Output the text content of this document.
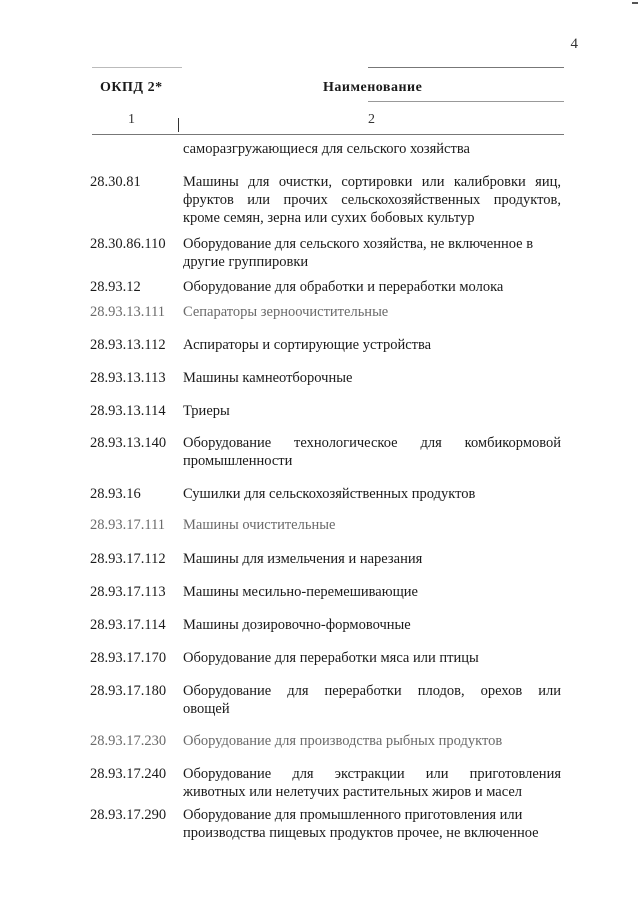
4
ОКПД 2*	Наименование
1	2
саморазгружающиеся для сельского хозяйства
28.30.81	Машины для очистки, сортировки или калибровки яиц,
фруктов или прочих сельскохозяйственных продуктов,
кроме семян, зерна или сухих бобовых культур
28.30.86.110 Оборудование для сельского хозяйства, не включенное в
другие группировки
28.93.12	Оборудование для обработки и переработки молока
28.93.13.111 Сепараторы зерноочистительные
28.93.13.112 Аспираторы и сортирующие устройства
28.93.13.113 Машины камнеотборочные
28.93.13.114 Триеры
28.93.13.140 Оборудование технологическое для комбикормовой
промышленности
28.93.16	Сушилки для сельскохозяйственных продуктов
28.93.17.111 Машины очистительные
28.93.17.112 Машины для измельчения и нарезания
28.93.17.113 Машины месильно-перемешивающие
28.93.17.114 Машины дозировочно-формовочные
28.93.17.170 Оборудование для переработки мяса или птицы
28.93.17.180 Оборудование для переработки плодов, орехов или
овощей
28.93.17.230 Оборудование для производства рыбных продуктов
28.93.17.240 Оборудование для экстракции или приготовления
животных или нелетучих растительных жиров и масел
28.93.17.290 Оборудование для промышленного приготовления или
производства пищевых продуктов прочее, не включенное
